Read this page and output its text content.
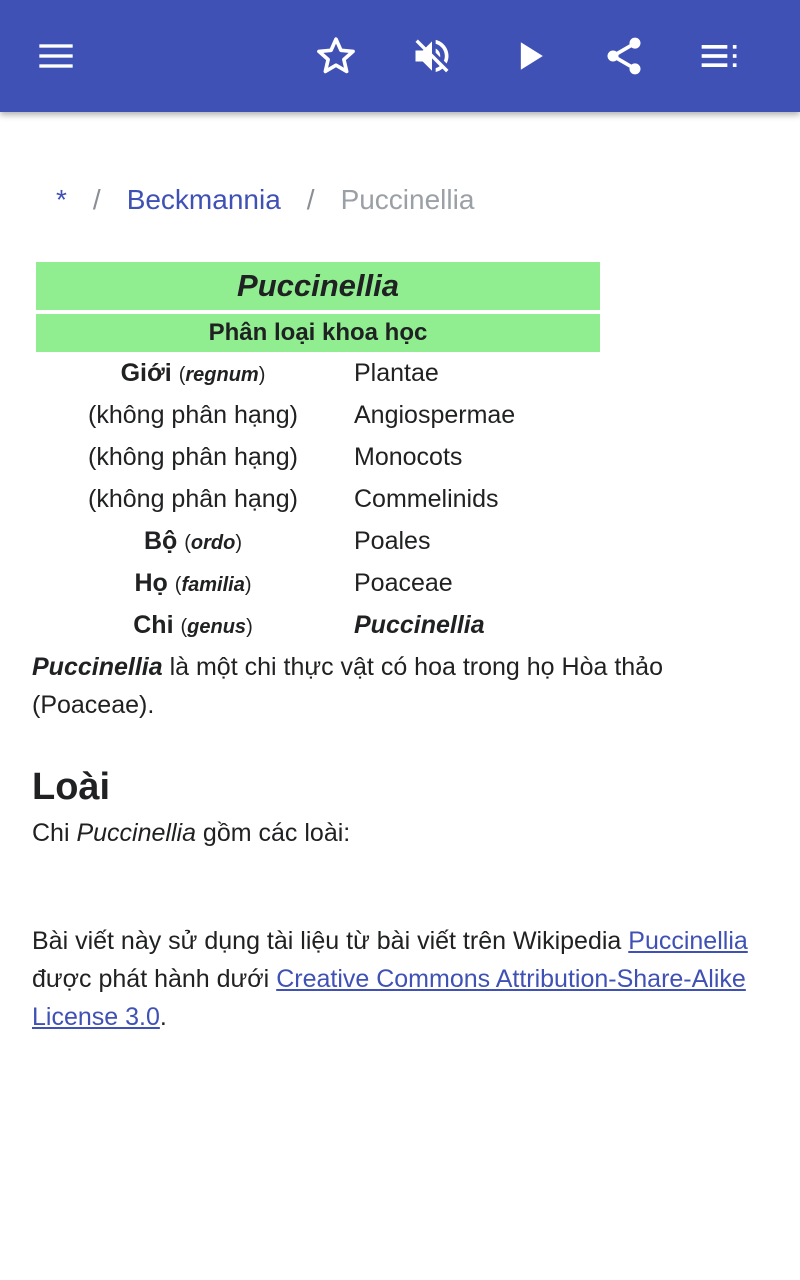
* / Beckmannia / Puccinellia
Puccinellia
Phân loại khoa học
Giới (regnum)	Plantae
(không phân hạng)	Angiospermae
(không phân hạng)	Monocots
(không phân hạng)	Commelinids
Bộ (ordo)	Poales
Họ (familia)	Poaceae
Chi (genus)	Puccinellia
Puccinellia là một chi thực vật có hoa trong họ Hòa thảo (Poaceae).
Loài
Chi Puccinellia gồm các loài:
Bài viết này sử dụng tài liệu từ bài viết trên Wikipedia Puccinellia được phát hành dưới Creative Commons Attribution-Share-Alike License 3.0.
